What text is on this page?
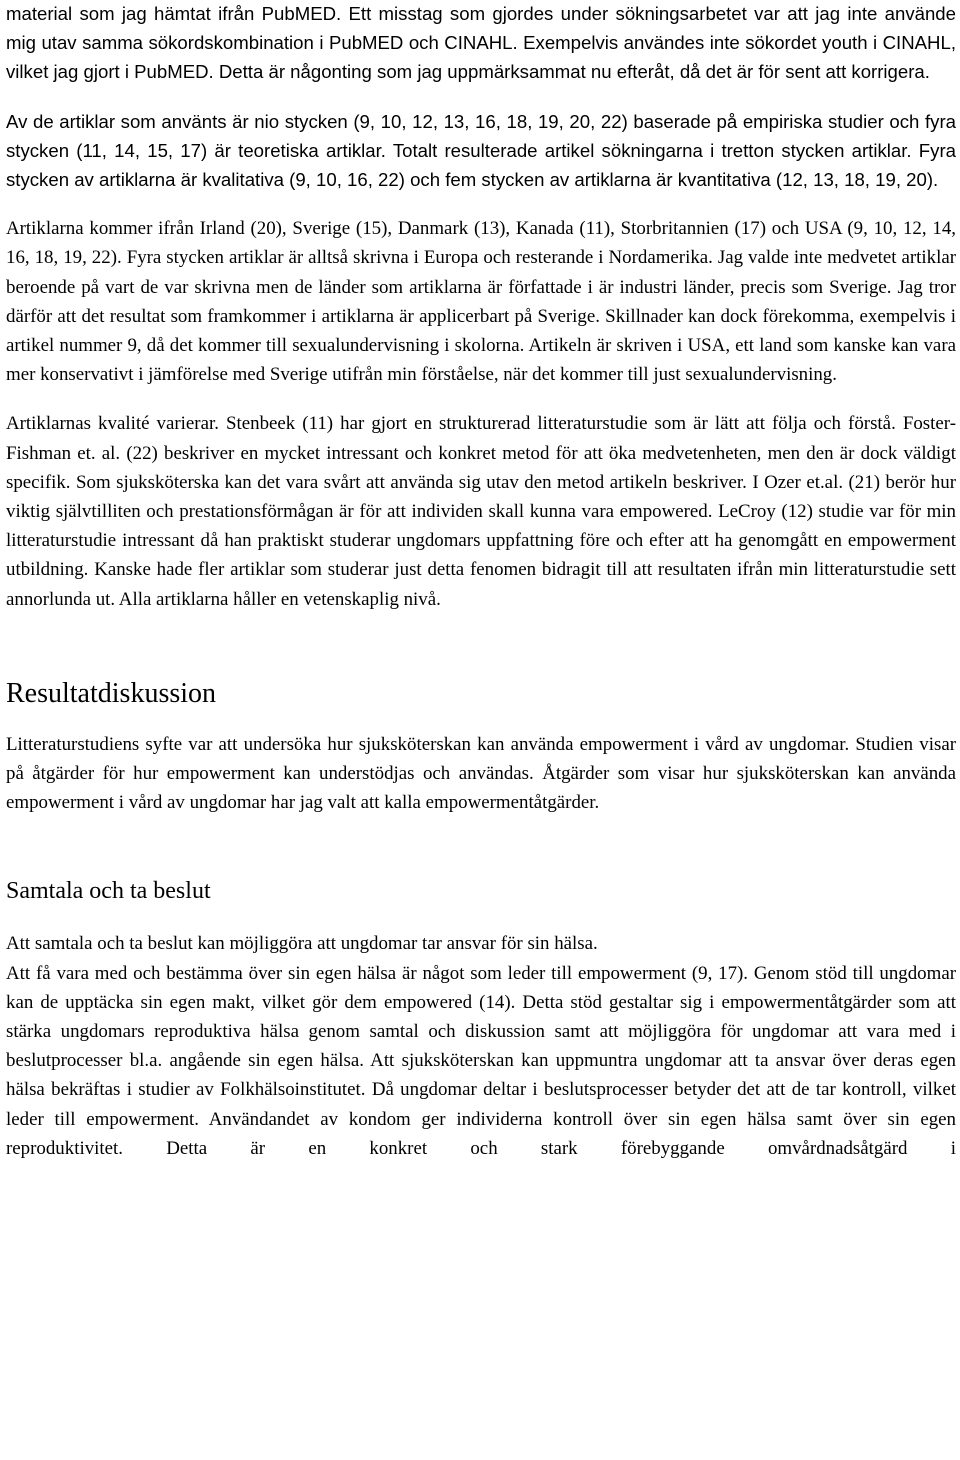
material som jag hämtat ifrån PubMED. Ett misstag som gjordes under sökningsarbetet var att jag inte använde mig utav samma sökordskombination i PubMED och CINAHL. Exempelvis användes inte sökordet youth i CINAHL, vilket jag gjort i PubMED. Detta är någonting som jag uppmärksammat nu efteråt, då det är för sent att korrigera.

Av de artiklar som använts är nio stycken (9, 10, 12, 13, 16, 18, 19, 20, 22) baserade på empiriska studier och fyra stycken (11, 14, 15, 17) är teoretiska artiklar. Totalt resulterade artikel sökningarna i tretton stycken artiklar. Fyra stycken av artiklarna är kvalitativa (9, 10, 16, 22) och fem stycken av artiklarna är kvantitativa (12, 13, 18, 19, 20).

Artiklarna kommer ifrån Irland (20), Sverige (15), Danmark (13), Kanada (11), Storbritannien (17) och USA (9, 10, 12, 14, 16, 18, 19, 22). Fyra stycken artiklar är alltså skrivna i Europa och resterande i Nordamerika. Jag valde inte medvetet artiklar beroende på vart de var skrivna men de länder som artiklarna är författade i är industri länder, precis som Sverige. Jag tror därför att det resultat som framkommer i artiklarna är applicerbart på Sverige. Skillnader kan dock förekomma, exempelvis i artikel nummer 9, då det kommer till sexualundervisning i skolorna. Artikeln är skriven i USA, ett land som kanske kan vara mer konservativt i jämförelse med Sverige utifrån min förståelse, när det kommer till just sexualundervisning.

Artiklarnas kvalité varierar. Stenbeek (11) har gjort en strukturerad litteraturstudie som är lätt att följa och förstå. Foster-Fishman et. al. (22) beskriver en mycket intressant och konkret metod för att öka medvetenheten, men den är dock väldigt specifik. Som sjuksköterska kan det vara svårt att använda sig utav den metod artikeln beskriver. I Ozer et.al. (21) berör hur viktig självtilliten och prestationsförmågan är för att individen skall kunna vara empowered. LeCroy (12) studie var för min litteraturstudie intressant då han praktiskt studerar ungdomars uppfattning före och efter att ha genomgått en empowerment utbildning. Kanske hade fler artiklar som studerar just detta fenomen bidragit till att resultaten ifrån min litteraturstudie sett annorlunda ut. Alla artiklarna håller en vetenskaplig nivå.

Resultatdiskussion

Litteraturstudiens syfte var att undersöka hur sjuksköterskan kan använda empowerment i vård av ungdomar. Studien visar på åtgärder för hur empowerment kan understödjas och användas. Åtgärder som visar hur sjuksköterskan kan använda empowerment i vård av ungdomar har jag valt att kalla empowermentåtgärder.

Samtala och ta beslut

Att samtala och ta beslut kan möjliggöra att ungdomar tar ansvar för sin hälsa.

Att få vara med och bestämma över sin egen hälsa är något som leder till empowerment (9, 17). Genom stöd till ungdomar kan de upptäcka sin egen makt, vilket gör dem empowered (14). Detta stöd gestaltar sig i empowermentåtgärder som att stärka ungdomars reproduktiva hälsa genom samtal och diskussion samt att möjliggöra för ungdomar att vara med i beslutprocesser bl.a. angående sin egen hälsa. Att sjuksköterskan kan uppmuntra ungdomar att ta ansvar över deras egen hälsa bekräftas i studier av Folkhälsoinstitutet. Då ungdomar deltar i beslutsprocesser betyder det att de tar kontroll, vilket leder till empowerment. Användandet av kondom ger individerna kontroll över sin egen hälsa samt över sin egen reproduktivitet. Detta är en konkret och stark förebyggande omvårdnadsåtgärd i
